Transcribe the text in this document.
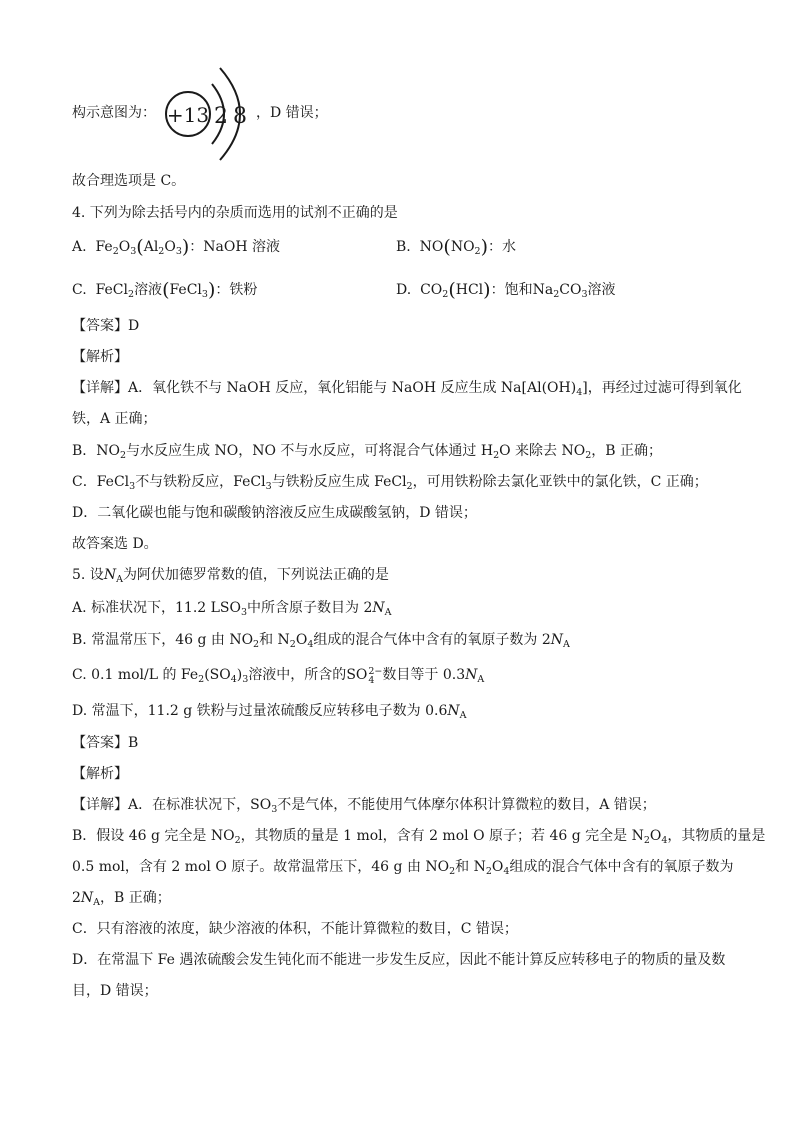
构示意图为： +13 2 8 ，D 错误；
故合理选项是 C。
4. 下列为除去括号内的杂质而选用的试剂不正确的是
A. $Fe_2O_3(Al_2O_3)$：NaOH 溶液	B. $NO(NO_2)$：水
C. FeCl$_2$溶液(FeCl$_3$)：铁粉	D. $CO_2(HCl)$：饱和$Na_2CO_3$溶液
【答案】D
【解析】
【详解】A．氧化铁不与 NaOH 反应，氧化铝能与 NaOH 反应生成 $Na[Al(OH)_4]$，再经过过滤可得到氧化
铁，A 正确；
B．$NO_2$与水反应生成 NO，NO 不与水反应，可将混合气体通过 $H_2O$ 来除去 $NO_2$，B 正确；
C．FeCl$_3$不与铁粉反应，FeCl$_3$与铁粉反应生成 FeCl$_2$，可用铁粉除去氯化亚铁中的氯化铁，C 正确；
D．二氧化碳也能与饱和碳酸钠溶液反应生成碳酸氢钠，D 错误；
故答案选 D。
5. 设$N_A$为阿伏加德罗常数的值，下列说法正确的是
A. 标准状况下，11.2 $LSO_3$中所含原子数目为 $2N_A$
B. 常温常压下，46 g 由 $NO_2$和 $N_2O_4$组成的混合气体中含有的氧原子数为 $2N_A$
C. 0.1 mol/L 的 $Fe_2(SO_4)_3$溶液中，所含的SO 2−
4 数目等于 $0.3N_A$
D. 常温下，11.2 g 铁粉与过量浓硫酸反应转移电子数为 $0.6N_A$
【答案】B
【解析】
【详解】A．在标准状况下，$SO_3$不是气体，不能使用气体摩尔体积计算微粒的数目，A 错误；
B．假设 46 g 完全是 $NO_2$，其物质的量是 1 mol，含有 2 mol O 原子；若 46 g 完全是 $N_2O_4$，其物质的量是
0.5 mol，含有 2 mol O 原子。故常温常压下，46 g 由 $NO_2$和 $N_2O_4$组成的混合气体中含有的氧原子数为
$2N_A$，B 正确；
C．只有溶液的浓度，缺少溶液的体积，不能计算微粒的数目，C 错误；
D．在常温下 Fe 遇浓硫酸会发生钝化而不能进一步发生反应，因此不能计算反应转移电子的物质的量及数
目，D 错误；
